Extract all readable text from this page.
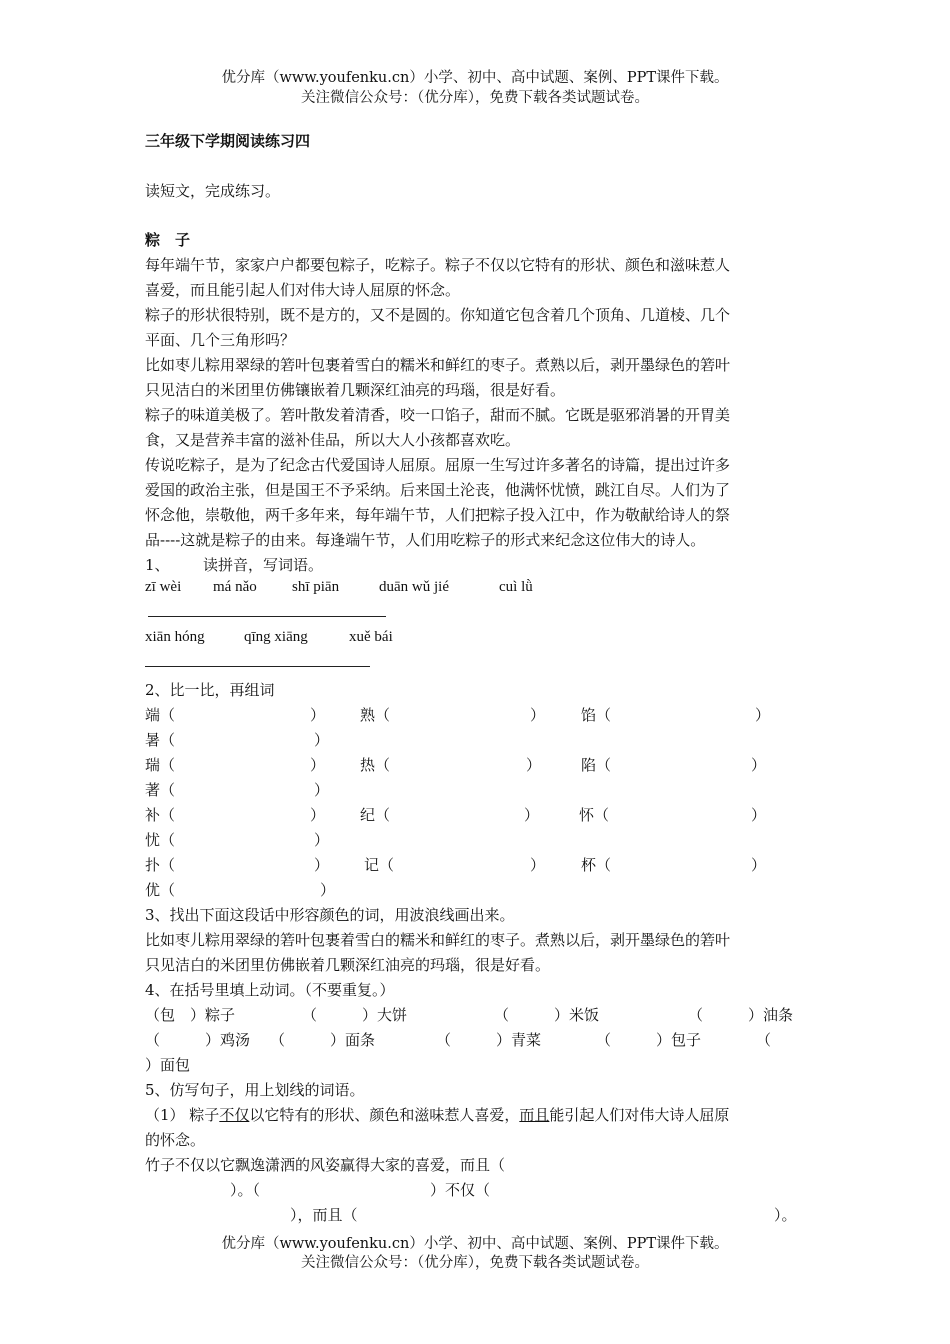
优分库（www.youfenku.cn）小学、初中、高中试题、案例、PPT课件下载。
关注微信公众号：（优分库），免费下载各类试题试卷。
三年级下学期阅读练习四
读短文，完成练习。
粽　子
每年端午节，家家户户都要包粽子，吃粽子。粽子不仅以它特有的形状、颜色和滋味惹人
喜爱，而且能引起人们对伟大诗人屈原的怀念。
粽子的形状很特别，既不是方的，又不是圆的。你知道它包含着几个顶角、几道棱、几个
平面、几个三角形吗？
比如枣儿粽用翠绿的箬叶包裹着雪白的糯米和鲜红的枣子。煮熟以后，剥开墨绿色的箬叶
只见洁白的米团里仿佛镶嵌着几颗深红油亮的玛瑙，很是好看。
粽子的味道美极了。箬叶散发着清香，咬一口馅子，甜而不腻。它既是驱邪消暑的开胃美
食，又是营养丰富的滋补佳品，所以大人小孩都喜欢吃。
传说吃粽子，是为了纪念古代爱国诗人屈原。屈原一生写过许多著名的诗篇，提出过许多
爱国的政治主张，但是国王不予采纳。后来国土沦丧，他满怀忧愤，跳江自尽。人们为了
怀念他，崇敬他，两千多年来，每年端午节，人们把粽子投入江中，作为敬献给诗人的祭
品----这就是粽子的由来。每逢端午节，人们用吃粽子的形式来纪念这位伟大的诗人。
1、 读拼音，写词语。
zī wèi má nǎo shī piān	duān wǔ jié	cuì lǜ
xiān hóng	qīng xiāng	xuě bái
2、比一比，再组词
端（	） 熟（	） 馅（	）
暑（	）
瑞（	） 热（	）	陷（	）
著（	）
补（	） 纪（	）	怀（	）
忧（	）
扑（	） 记（	） 杯（	）
优（	）
3、找出下面这段话中形容颜色的词，用波浪线画出来。
比如枣儿粽用翠绿的箬叶包裹着雪白的糯米和鲜红的枣子。煮熟以后，剥开墨绿色的箬叶
只见洁白的米团里仿佛嵌着几颗深红油亮的玛瑙，很是好看。
4、在括号里填上动词。（不要重复。）
（包　）粽子	（　　　）大饼	（　　　）米饭	（　　　）油条
（　　　）鸡汤 （　　　）面条	（　　　）青菜	（　　　）包子	（
）面包
5、仿写句子，用上划线的词语。
（1） 粽子不仅以它特有的形状、颜色和滋味惹人喜爱，而且能引起人们对伟大诗人屈原
的怀念。
竹子不仅以它飘逸潇洒的风姿赢得大家的喜爱，而且（
）。（	）不仅（
），而且（	）。
优分库（www.youfenku.cn）小学、初中、高中试题、案例、PPT课件下载。
关注微信公众号：（优分库），免费下载各类试题试卷。
